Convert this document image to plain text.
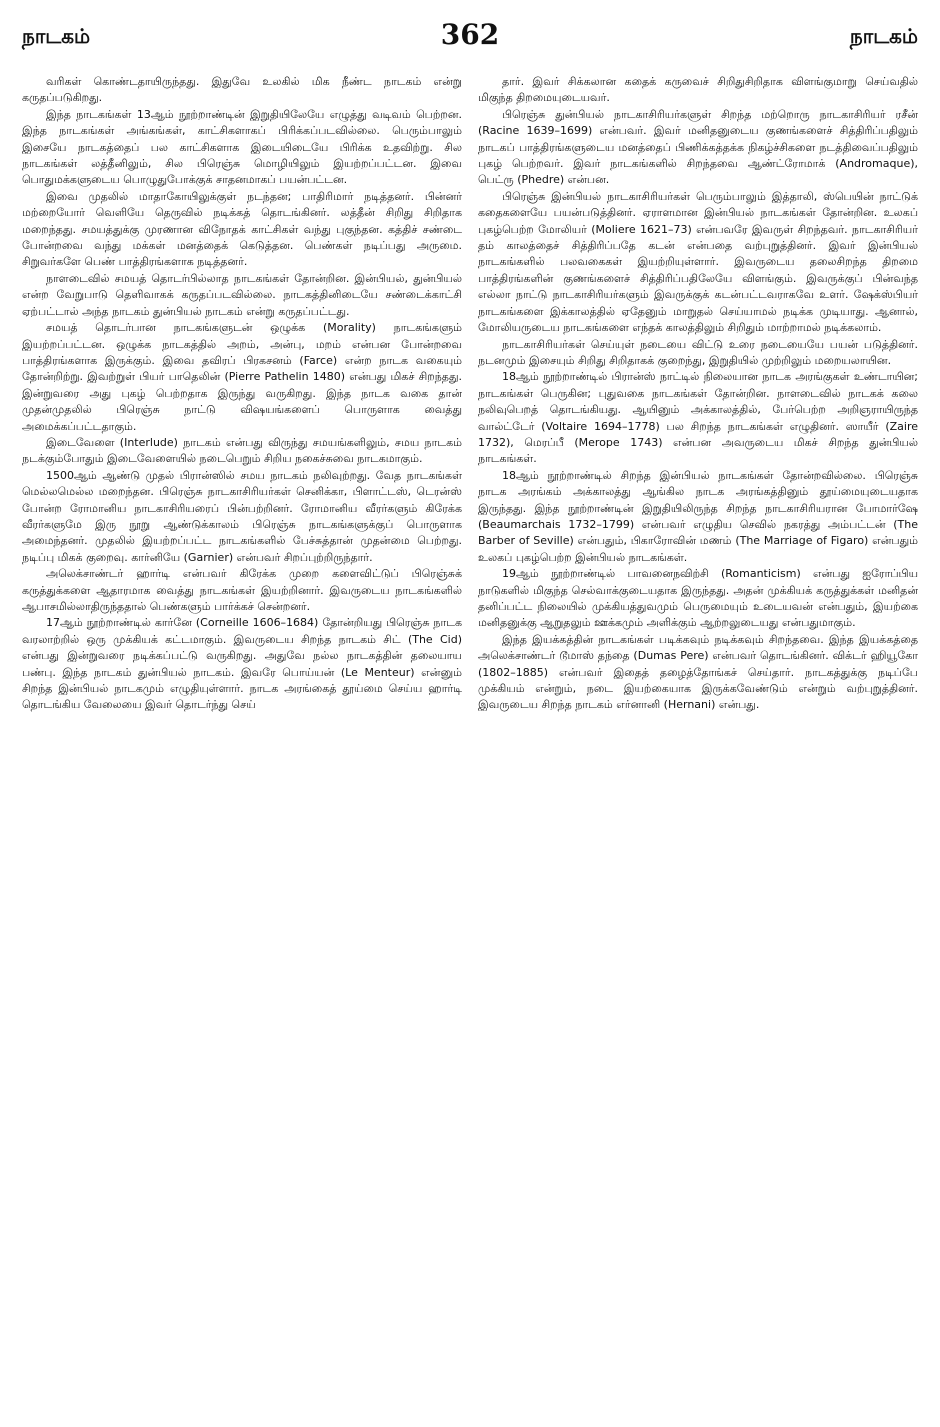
நாடகம்	362	நாடகம்

வரிகள் கொண்டதாயிருந்தது. இதுவே உலகில் மிக நீண்ட நாடகம் என்று கருதப்படுகிறது.

இந்த நாடகங்கள் 13ஆம் நூற்றாண்டின் இறுதியிலேயே எழுத்து வடிவம் பெற்றன. இந்த நாடகங்கள் அங்கங்கள், காட்சிகளாகப் பிரிக்கப்படவில்லை. பெரும்பாலும் இசையே நாடகத்தைப் பல காட்சிகளாக இடையிடையே பிரிக்க உதவிற்று. சில நாடகங்கள் லத்தீனிலும், சில பிரெஞ்சு மொழியிலும் இயற்றப்பட்டன. இவை பொதுமக்களுடைய பொழுதுபோக்குக் சாதனமாகப் பயன்பட்டன.

இவை முதலில் மாதாகோயிலுக்குள் நடந்தன; பாதிரிமார் நடித்தனர். பின்னர் மற்றையோர் வெளியே தெருவில் நடிக்கத் தொடங்கினர். லத்தீன் சிறிது சிறிதாக மறைந்தது. சமயத்துக்கு முரணான விநோதக் காட்சிகள் வந்து புகுந்தன. கத்திச் சண்டை போன்றவை வந்து மக்கள் மனத்தைக் கெடுத்தன. பெண்கள் நடிப்பது அருமை. சிறுவர்களே பெண் பாத்திரங்களாக நடித்தனர்.

நாளடைவில் சமயத் தொடர்பில்லாத நாடகங்கள் தோன்றின. இன்பியல், துன்பியல் என்ற வேறுபாடு தெளிவாகக் கருதப்படவில்லை. நாடகத்தினிடையே சண்டைக்காட்சி ஏற்பட்டால் அந்த நாடகம் துன்பியல் நாடகம் என்று கருதப்பட்டது.

சமயத் தொடர்பான நாடகங்களுடன் ஒழுக்க (Morality) நாடகங்களும் இயற்றப்பட்டன. ஒழுக்க நாடகத்தில் அறம், அன்பு, மறம் என்பன போன்றவை பாத்திரங்களாக இருக்கும். இவை தவிரப் பிரகசனம் (Farce) என்ற நாடக வகையும் தோன்றிற்று. இவற்றுள் பியர் பாதெலின் (Pierre Pathelin 1480) என்பது மிகச் சிறந்தது. இன்றுவரை அது புகழ் பெற்றதாக இருந்து வருகிறது. இந்த நாடக வகை தான் முதன்முதலில் பிரெஞ்சு நாட்டு விஷயங்களைப் பொருளாக வைத்து அமைக்கப்பட்டதாகும்.

இடைவேளை (Interlude) நாடகம் என்பது விருந்து சமயங்களிலும், சமய நாடகம் நடக்கும்போதும் இடைவேளையில் நடைபெறும் சிறிய நகைச்சுவை நாடகமாகும்.

1500ஆம் ஆண்டு முதல் பிரான்ஸில் சமய நாடகம் நலிவுற்றது. வேத நாடகங்கள் மெல்லமெல்ல மறைந்தன. பிரெஞ்சு நாடகாசிரியர்கள் செனிக்கா, பிளாட்டஸ், டெரன்ஸ் போன்ற ரோமானிய நாடகாசிரியரைப் பின்பற்றினர். ரோமானிய வீரர்களும் கிரேக்க வீரர்களுமே இரு நூறு ஆண்டுக்காலம் பிரெஞ்சு நாடகங்களுக்குப் பொருளாக அமைந்தனர். முதலில் இயற்றப்பட்ட நாடகங்களில் பேச்சுத்தான் முதன்மை பெற்றது. நடிப்பு மிகக் குறைவு. கார்னியே (Garnier) என்பவர் சிறப்புற்றிருந்தார்.

அலெக்சாண்டர் ஹார்டி என்பவர் கிரேக்க முறை களைவிட்டுப் பிரெஞ்சுக் கருத்துக்களை ஆதாரமாக வைத்து நாடகங்கள் இயற்றினார். இவருடைய நாடகங்களில் ஆபாசமில்லாதிருந்ததால் பெண்களும் பார்க்கச் சென்றனர்.

17ஆம் நூற்றாண்டில் கார்னே (Corneille 1606–1684) தோன்றியது பிரெஞ்சு நாடக வரலாற்றில் ஒரு முக்கியக் கட்டமாகும். இவருடைய சிறந்த நாடகம் சிட் (The Cid) என்பது இன்றுவரை நடிக்கப்பட்டு வருகிறது. அதுவே நல்ல நாடகத்தின் தலையாய பண்பு. இந்த நாடகம் துன்பியல் நாடகம். இவரே பொய்யன் (Le Menteur) என்னும் சிறந்த இன்பியல் நாடகமும் எழுதியுள்ளார். நாடக அரங்கைத் தூய்மை செய்ய ஹார்டி தொடங்கிய வேலையை இவர் தொடர்ந்து செய்

தார். இவர் சிக்கலான கதைக் கருவைச் சிறிதுசிறிதாக விளங்குமாறு செய்வதில் மிகுந்த திறமையுடையவர்.

பிரெஞ்சு துன்பியல் நாடகாசிரியர்களுள் சிறந்த மற்றொரு நாடகாசிரியர் ரசீன் (Racine 1639–1699) என்பவர். இவர் மனிதனுடைய குணங்களைச் சித்திரிப்பதிலும் நாடகப் பாத்திரங்களுடைய மனத்தைப் பிணிக்கத்தக்க நிகழ்ச்சிகளை நடத்திவைப்பதிலும் புகழ் பெற்றவர். இவர் நாடகங்களில் சிறந்தவை ஆண்ட்ரோமாக் (Andromaque), பெட்ரு (Phedre) என்பன.

பிரெஞ்சு இன்பியல் நாடகாசிரியர்கள் பெரும்பாலும் இத்தாலி, ஸ்பெயின் நாட்டுக் கதைகளையே பயன்படுத்தினர். ஏராளமான இன்பியல் நாடகங்கள் தோன்றின. உலகப் புகழ்பெற்ற மோலியர் (Moliere 1621–73) என்பவரே இவருள் சிறந்தவர். நாடகாசிரியர் தம் காலத்தைச் சித்திரிப்பதே கடன் என்பதை வற்புறுத்தினர். இவர் இன்பியல் நாடகங்களில் பலவகைகள் இயற்றியுள்ளார். இவருடைய தலைசிறந்த திறமை பாத்திரங்களின் குணங்களைச் சித்திரிப்பதிலேயே விளங்கும். இவருக்குப் பின்வந்த எல்லா நாட்டு நாடகாசிரியர்களும் இவருக்குக் கடன்பட்டவராகவே உளர். ஷேக்ஸ்பியர் நாடகங்களை இக்காலத்தில் ஏதேனும் மாறுதல் செய்யாமல் நடிக்க முடியாது. ஆனால், மோலியருடைய நாடகங்களை எந்தக் காலத்திலும் சிறிதும் மாற்றாமல் நடிக்கலாம்.

நாடகாசிரியர்கள் செய்யுள் நடையை விட்டு உரை நடையையே பயன் படுத்தினர். நடனமும் இசையும் சிறிது சிறிதாகக் குறைந்து, இறுதியில் முற்றிலும் மறையலாயின.

18ஆம் நூற்றாண்டில் பிரான்ஸ் நாட்டில் நிலையான நாடக அரங்குகள் உண்டாயின; நாடகங்கள் பெருகின; புதுவகை நாடகங்கள் தோன்றின. நாளடைவில் நாடகக் கலை நலிவுபெறத் தொடங்கியது. ஆயினும் அக்காலத்தில், பேர்பெற்ற அறிஞராயிருந்த வால்ட்டேர் (Voltaire 1694–1778) பல சிறந்த நாடகங்கள் எழுதினர். ஸாயீர் (Zaire 1732), மெரப்பீ (Merope 1743) என்பன அவருடைய மிகச் சிறந்த துன்பியல் நாடகங்கள்.

18ஆம் நூற்றாண்டில் சிறந்த இன்பியல் நாடகங்கள் தோன்றவில்லை. பிரெஞ்சு நாடக அரங்கம் அக்காலத்து ஆங்கில நாடக அரங்கத்தினும் தூய்மையுடையதாக இருந்தது. இந்த நூற்றாண்டின் இறுதியிலிருந்த சிறந்த நாடகாசிரியரான போமார்ஷே (Beaumarchais 1732–1799) என்பவர் எழுதிய செவில் நகரத்து அம்பட்டன் (The Barber of Seville) என்பதும், பிகாரோவின் மணம் (The Marriage of Figaro) என்பதும் உலகப் புகழ்பெற்ற இன்பியல் நாடகங்கள்.

19ஆம் நூற்றாண்டில் பாவனைநவிற்சி (Romanticism) என்பது ஐரோப்பிய நாடுகளில் மிகுந்த செல்வாக்குடையதாக இருந்தது. அதன் முக்கியக் கருத்துக்கள் மனிதன் தனிப்பட்ட நிலையில் முக்கியத்துவமும் பெருமையும் உடையவன் என்பதும், இயற்கை மனிதனுக்கு ஆறுதலும் ஊக்கமும் அளிக்கும் ஆற்றலுடையது என்பதுமாகும்.

இந்த இயக்கத்தின் நாடகங்கள் படிக்கவும் நடிக்கவும் சிறந்தவை. இந்த இயக்கத்தை அலெக்சாண்டர் டூமாஸ் தந்தை (Dumas Pere) என்பவர் தொடங்கினர். விக்டர் ஹியூகோ (1802–1885) என்பவர் இதைத் தழைத்தோங்கச் செய்தார். நாடகத்துக்கு நடிப்பே முக்கியம் என்றும், நடை இயற்கையாக இருக்கவேண்டும் என்றும் வற்புறுத்தினர். இவருடைய சிறந்த நாடகம் எர்னானி (Hernani) என்பது.
